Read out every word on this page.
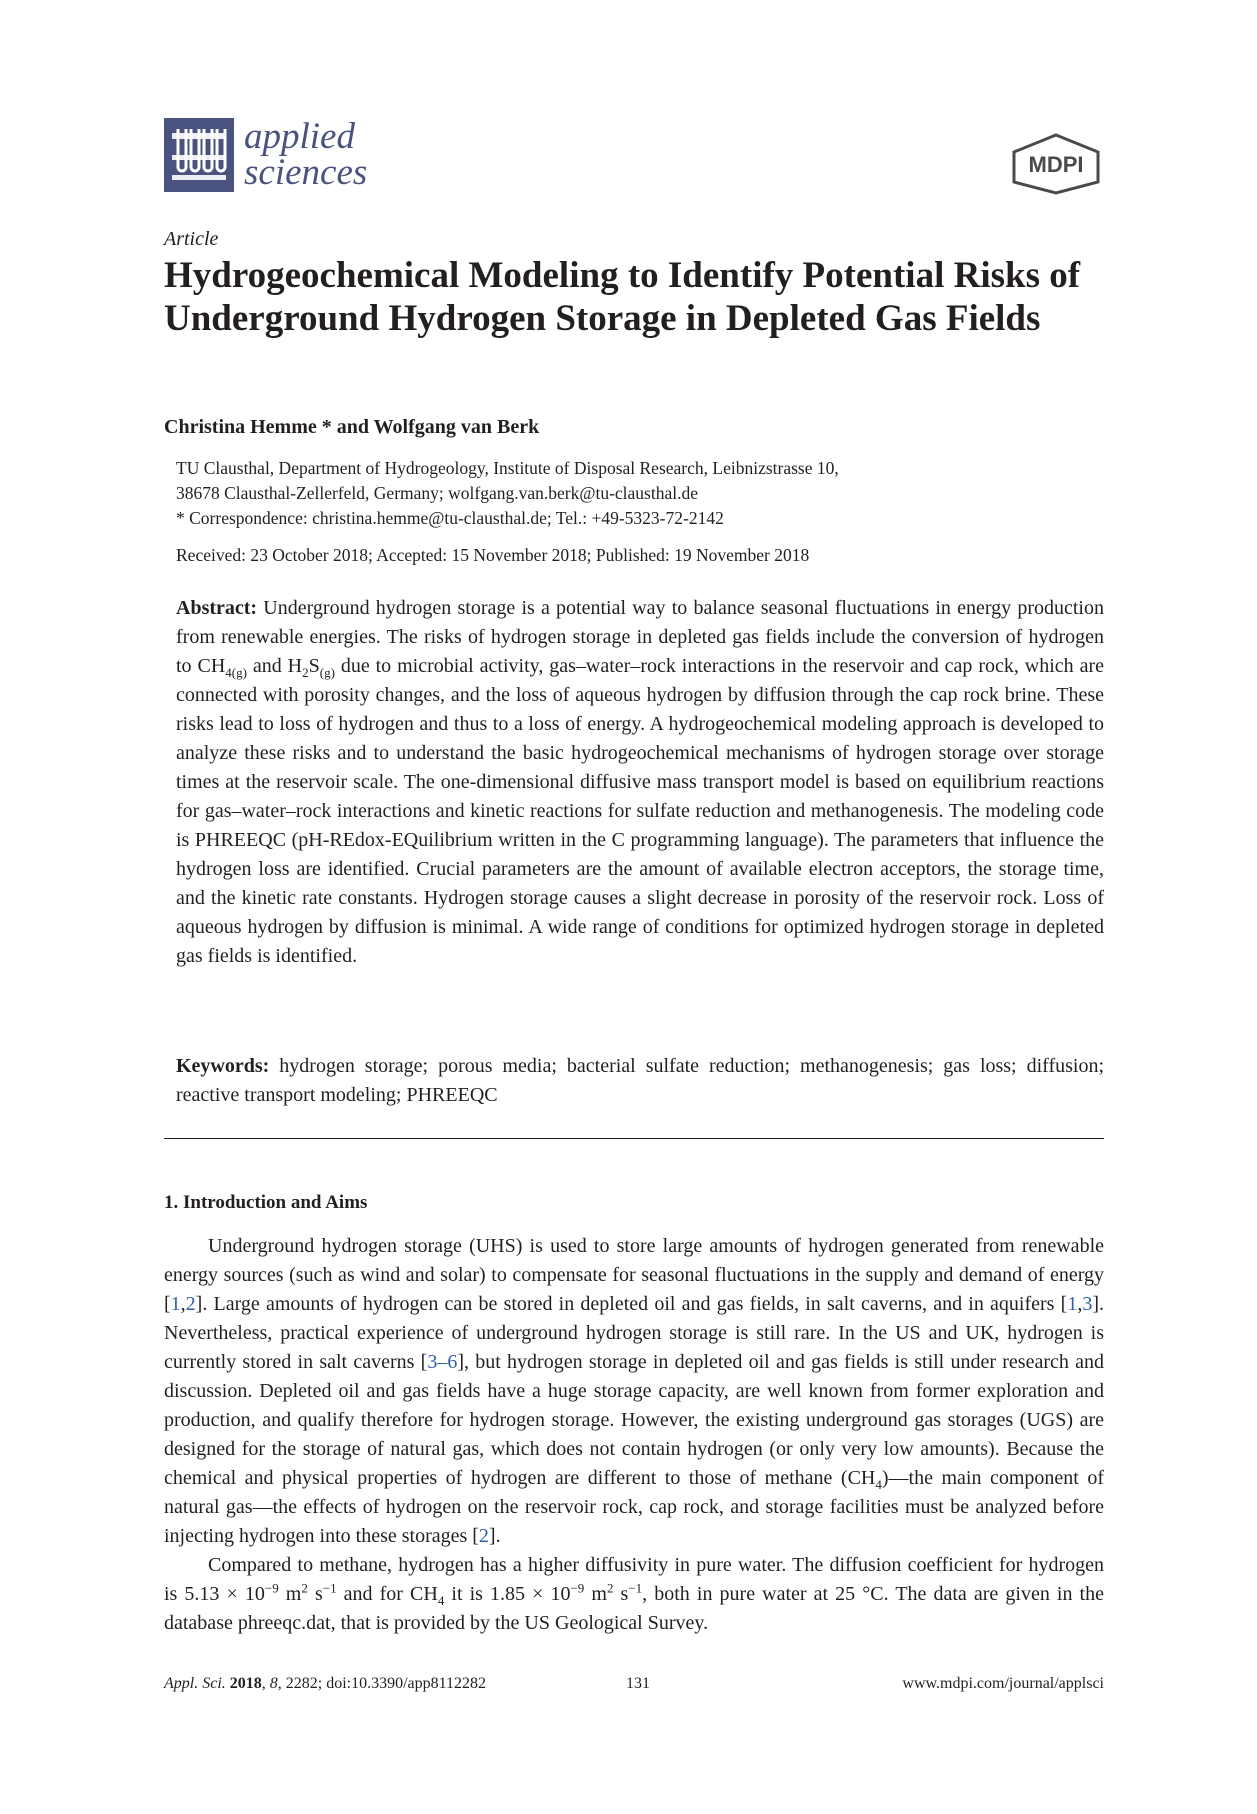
applied
sciences	MDPI
Article
Hydrogeochemical Modeling to Identify Potential Risks of Underground Hydrogen Storage in Depleted Gas Fields
Christina Hemme * and Wolfgang van Berk
TU Clausthal, Department of Hydrogeology, Institute of Disposal Research, Leibnizstrasse 10,
38678 Clausthal-Zellerfeld, Germany; wolfgang.van.berk@tu-clausthal.de
* Correspondence: christina.hemme@tu-clausthal.de; Tel.: +49-5323-72-2142
Received: 23 October 2018; Accepted: 15 November 2018; Published: 19 November 2018
Abstract: Underground hydrogen storage is a potential way to balance seasonal fluctuations in energy production from renewable energies. The risks of hydrogen storage in depleted gas fields include the conversion of hydrogen to $CH_{4(g)}$ and $H_2S_{(g)}$ due to microbial activity, gas–water–rock interactions in the reservoir and cap rock, which are connected with porosity changes, and the loss of aqueous hydrogen by diffusion through the cap rock brine. These risks lead to loss of hydrogen and thus to a loss of energy. A hydrogeochemical modeling approach is developed to analyze these risks and to understand the basic hydrogeochemical mechanisms of hydrogen storage over storage times at the reservoir scale. The one-dimensional diffusive mass transport model is based on equilibrium reactions for gas–water–rock interactions and kinetic reactions for sulfate reduction and methanogenesis. The modeling code is PHREEQC (pH-REdox-EQuilibrium written in the C programming language). The parameters that influence the hydrogen loss are identified. Crucial parameters are the amount of available electron acceptors, the storage time, and the kinetic rate constants. Hydrogen storage causes a slight decrease in porosity of the reservoir rock. Loss of aqueous hydrogen by diffusion is minimal. A wide range of conditions for optimized hydrogen storage in depleted gas fields is identified.
Keywords: hydrogen storage; porous media; bacterial sulfate reduction; methanogenesis; gas loss; diffusion; reactive transport modeling; PHREEQC
1. Introduction and Aims

Underground hydrogen storage (UHS) is used to store large amounts of hydrogen generated from renewable energy sources (such as wind and solar) to compensate for seasonal fluctuations in the supply and demand of energy [1,2]. Large amounts of hydrogen can be stored in depleted oil and gas fields, in salt caverns, and in aquifers [1,3]. Nevertheless, practical experience of underground hydrogen storage is still rare. In the US and UK, hydrogen is currently stored in salt caverns [3–6], but hydrogen storage in depleted oil and gas fields is still under research and discussion. Depleted oil and gas fields have a huge storage capacity, are well known from former exploration and production, and qualify therefore for hydrogen storage. However, the existing underground gas storages (UGS) are designed for the storage of natural gas, which does not contain hydrogen (or only very low amounts). Because the chemical and physical properties of hydrogen are different to those of methane $(CH_4)—the$ main component of natural gas—the effects of hydrogen on the reservoir rock, cap rock, and storage facilities must be analyzed before injecting hydrogen into these storages [2].

Compared to methane, hydrogen has a higher diffusivity in pure water. The diffusion coefficient for hydrogen is $5.13 \times 10^{-9}$ $m^2$ $s^{-1}$ and for $CH_4$ it is $1.85 \times 10^{-9}$ $m^2$ $s^{-1}$, both in pure water at 25 °C. The data are given in the database phreeqc.dat, that is provided by the US Geological Survey.

Appl. Sci. 2018, 8, 2282; doi:10.3390/app8112282	131	www.mdpi.com/journal/applsci
